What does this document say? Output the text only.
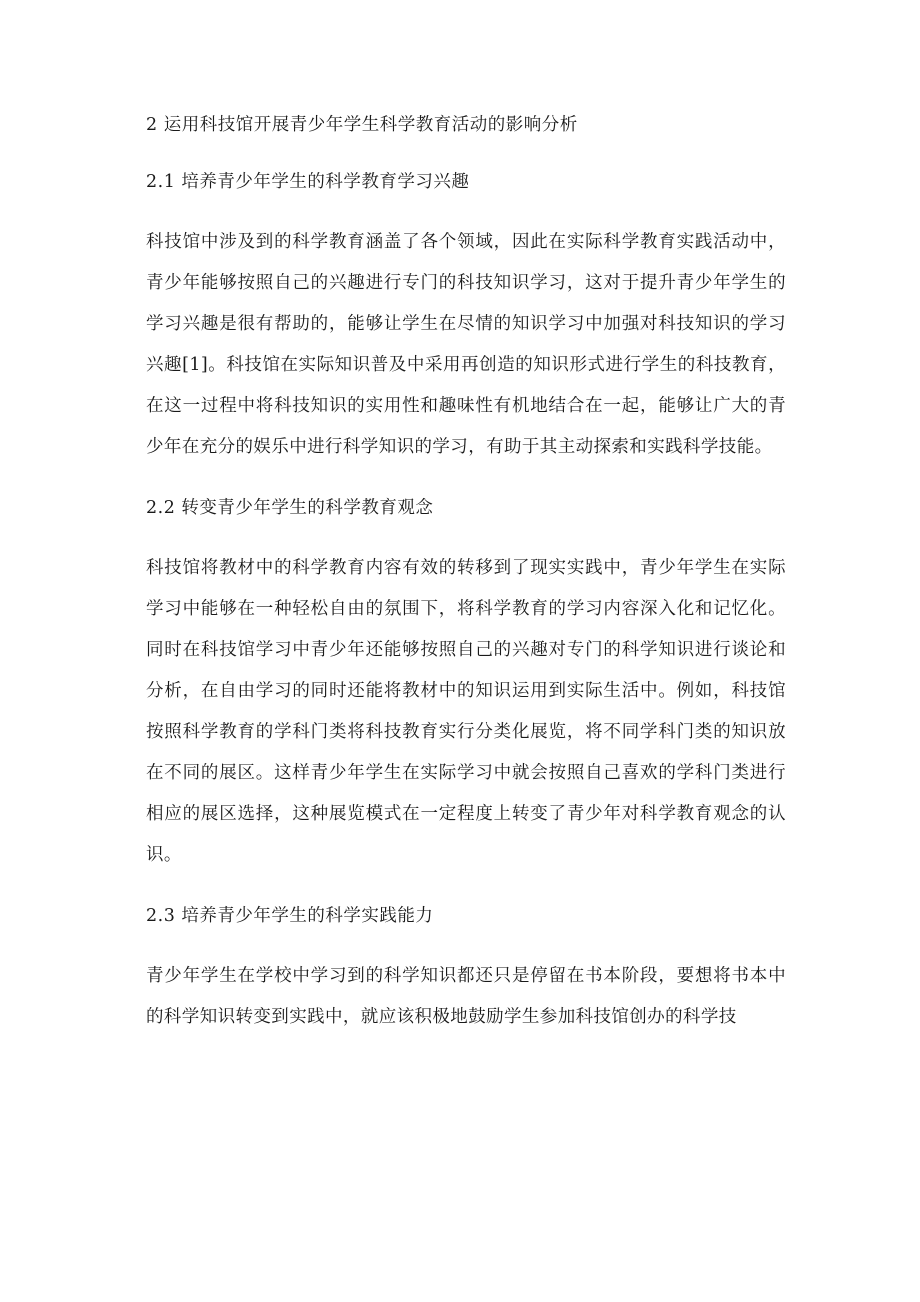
2 运用科技馆开展青少年学生科学教育活动的影响分析
2.1 培养青少年学生的科学教育学习兴趣
科技馆中涉及到的科学教育涵盖了各个领域，因此在实际科学教育实践活动中，青少年能够按照自己的兴趣进行专门的科技知识学习，这对于提升青少年学生的学习兴趣是很有帮助的，能够让学生在尽情的知识学习中加强对科技知识的学习兴趣[1]。科技馆在实际知识普及中采用再创造的知识形式进行学生的科技教育，在这一过程中将科技知识的实用性和趣味性有机地结合在一起，能够让广大的青少年在充分的娱乐中进行科学知识的学习，有助于其主动探索和实践科学技能。
2.2 转变青少年学生的科学教育观念
科技馆将教材中的科学教育内容有效的转移到了现实实践中，青少年学生在实际学习中能够在一种轻松自由的氛围下，将科学教育的学习内容深入化和记忆化。同时在科技馆学习中青少年还能够按照自己的兴趣对专门的科学知识进行谈论和分析，在自由学习的同时还能将教材中的知识运用到实际生活中。例如，科技馆按照科学教育的学科门类将科技教育实行分类化展览，将不同学科门类的知识放在不同的展区。这样青少年学生在实际学习中就会按照自己喜欢的学科门类进行相应的展区选择，这种展览模式在一定程度上转变了青少年对科学教育观念的认识。
2.3 培养青少年学生的科学实践能力
青少年学生在学校中学习到的科学知识都还只是停留在书本阶段，要想将书本中的科学知识转变到实践中，就应该积极地鼓励学生参加科技馆创办的科学技
